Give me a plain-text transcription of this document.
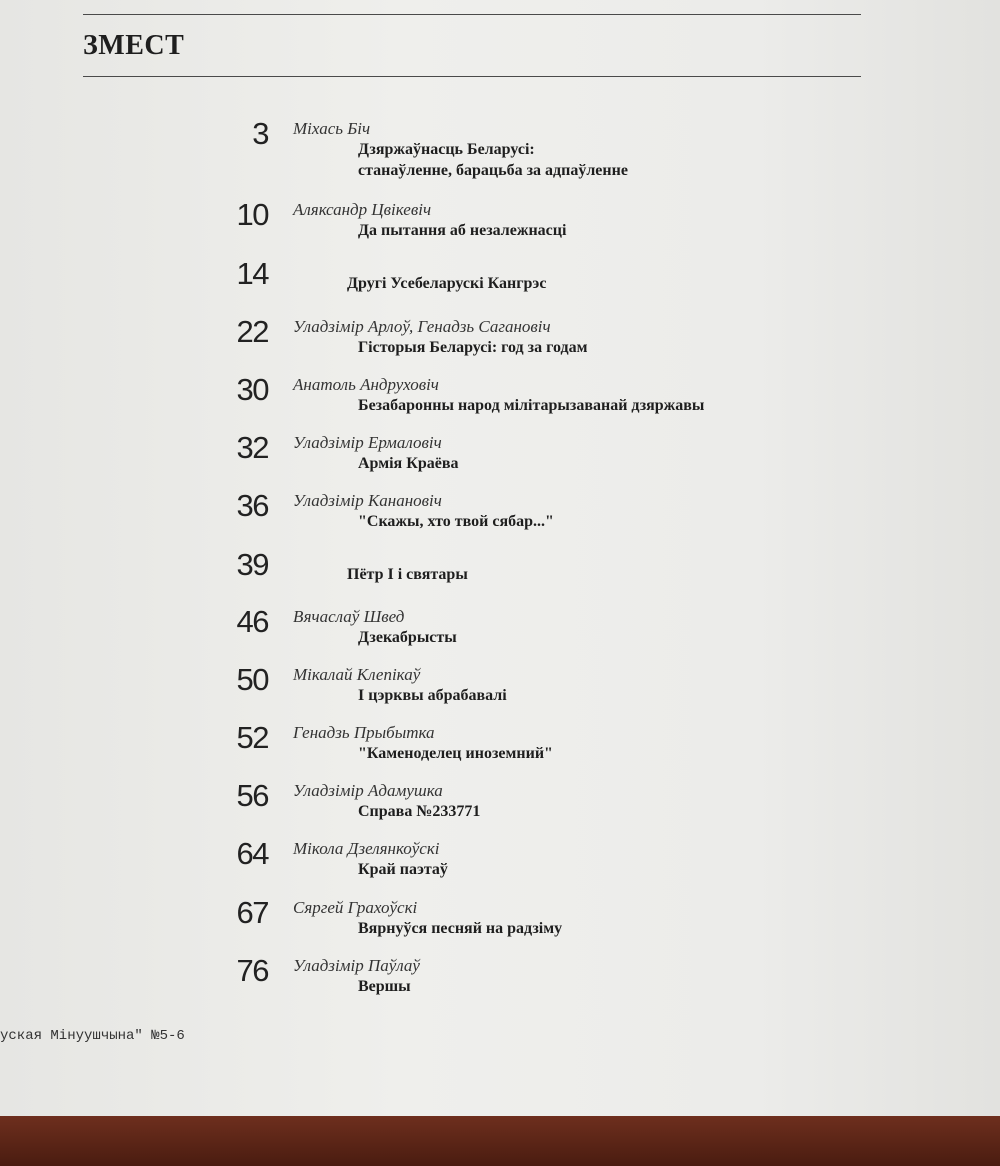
ЗМЕСТ
3 Міхась Біч
Дзяржаўнасць Беларусі:
станаўленне, барацьба за адпаўленне
10 Аляксандр Цвікевіч
Да пытання аб незалежнасці
14	Другі Усебеларускі Кангрэс
22 Уладзімір Арлоў, Генадзь Сагановіч
Гісторыя Беларусі: год за годам
30 Анатоль Андруховіч
Безабаронны народ мілітарызаванай дзяржавы
32 Уладзімір Ермаловіч
Армія Краёва
36 Уладзімір Канановіч
"Скажы, хто твой сябар..."
39	Пётр І і святары
46 Вячаслаў Швед
Дзекабрысты
50 Мікалай Клепікаў
І цэрквы абрабавалі
52 Генадзь Прыбытка
"Каменоделец иноземний"
56 Уладзімір Адамушка
Справа №233771
64 Мікола Дзелянкоўскі
Край паэтаў
67 Сяргей Грахоўскі
Вярнуўся песняй на радзіму
76 Уладзімір Паўлаў
Вершы
уская Мінуушчына" №5-6
